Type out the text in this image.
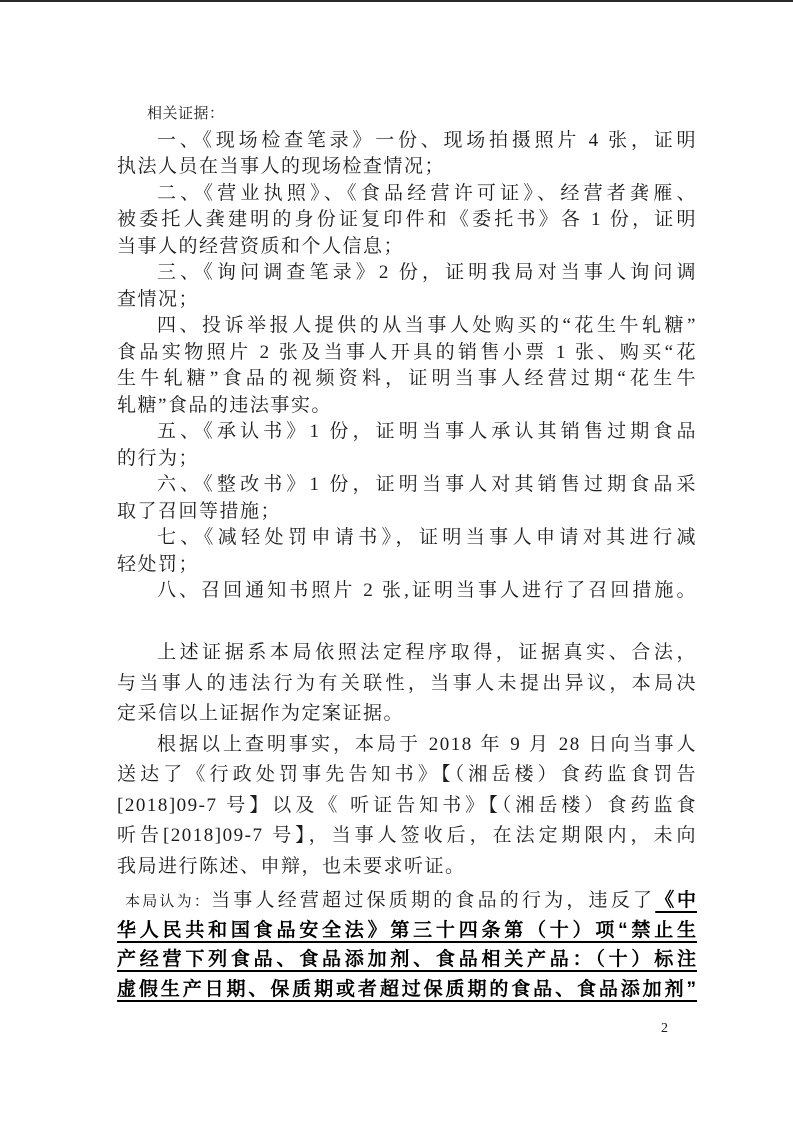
相关证据：
一、《现场检查笔录》一份、现场拍摄照片 4 张，证明
执法人员在当事人的现场检查情况；
二、《营业执照》、《食品经营许可证》、经营者龚雁、
被委托人龚建明的身份证复印件和《委托书》各 1 份，证明
当事人的经营资质和个人信息；
三、《询问调查笔录》2 份，证明我局对当事人询问调
查情况；
四、投诉举报人提供的从当事人处购买的“花生牛轧糖”
食品实物照片 2 张及当事人开具的销售小票 1 张、购买“花
生牛轧糖”食品的视频资料，证明当事人经营过期“花生牛
轧糖”食品的违法事实。
五、《承认书》1 份，证明当事人承认其销售过期食品
的行为；
六、《整改书》1 份，证明当事人对其销售过期食品采
取了召回等措施；
七、《减轻处罚申请书》，证明当事人申请对其进行减
轻处罚；
八、召回通知书照片 2 张,证明当事人进行了召回措施。
上述证据系本局依照法定程序取得，证据真实、合法，
与当事人的违法行为有关联性，当事人未提出异议，本局决
定采信以上证据作为定案证据。
根据以上查明事实，本局于 2018 年 9 月 28 日向当事人
送达了《行政处罚事先告知书》【（湘岳楼）食药监食罚告
[2018]09-7 号】以及《 听证告知书》【（湘岳楼）食药监食
听告[2018]09-7 号】，当事人签收后，在法定期限内，未向
我局进行陈述、申辩，也未要求听证。
本局认为：当事人经营超过保质期的食品的行为，违反了《中
华人民共和国食品安全法》第三十四条第（十）项“禁止生
产经营下列食品、食品添加剂、食品相关产品：（十）标注
虚假生产日期、保质期或者超过保质期的食品、食品添加剂”
2
